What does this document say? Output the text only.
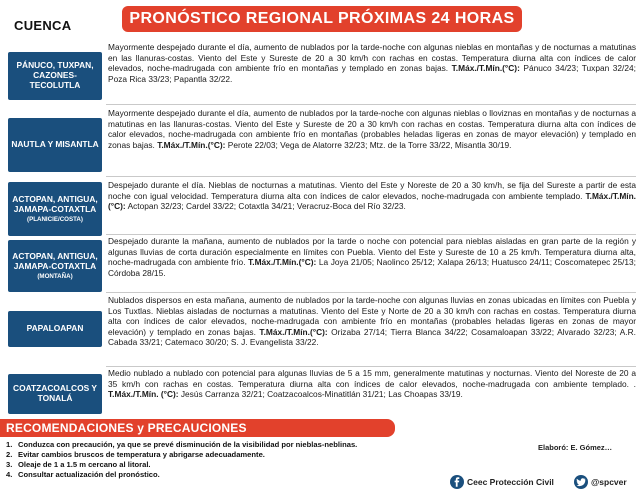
CUENCA	PRONÓSTICO REGIONAL PRÓXIMAS 24 HORAS
PÁNUCO, TUXPAN, CAZONES-TECOLUTLA
Mayormente despejado durante el día, aumento de nublados por la tarde-noche con algunas nieblas en montañas y de nocturnas a matutinas en las llanuras-costas. Viento del Este y Sureste de 20 a 30 km/h con rachas en costas. Temperatura diurna alta con índices de calor elevados, noche-madrugada con ambiente frío en montañas y templado en zonas bajas. T.Máx./T.Mín.(°C): Pánuco 34/23; Tuxpan 32/24; Poza Rica 33/23; Papantla 32/22.
NAUTLA Y MISANTLA
Mayormente despejado durante el día, aumento de nublados por la tarde-noche con algunas nieblas o lloviznas en montañas y de nocturnas a matutinas en las llanuras-costas. Viento del Este y Sureste de 20 a 30 km/h con rachas en costas. Temperatura diurna alta con índices de calor elevados, noche-madrugada con ambiente frío en montañas (probables heladas ligeras en zonas de mayor elevación) y templado en zonas bajas. T.Máx./T.Mín.(°C): Perote 22/03; Vega de Alatorre 32/23; Mtz. de la Torre 33/22, Misantla 30/19.
ACTOPAN, ANTIGUA, JAMAPA-COTAXTLA
(PLANICIE/COSTA)
Despejado durante el día. Nieblas de nocturnas a matutinas. Viento del Este y Noreste de 20 a 30 km/h, se fija del Sureste a partir de esta noche con igual velocidad. Temperatura diurna alta con índices de calor elevados, noche-madrugada con ambiente templado. T.Máx./T.Mín.(°C): Actopan 32/23; Cardel 33/22; Cotaxtla 34/21; Veracruz-Boca del Río 32/23.
ACTOPAN, ANTIGUA, JAMAPA-COTAXTLA
(MONTAÑA)
Despejado durante la mañana, aumento de nublados por la tarde o noche con potencial para nieblas aisladas en gran parte de la región y algunas lluvias de corta duración especialmente en límites con Puebla. Viento del Este y Sureste de 10 a 25 km/h. Temperatura diurna alta, noche-madrugada con ambiente frío. T.Máx./T.Mín.(°C): La Joya 21/05; Naolinco 25/12; Xalapa 26/13; Huatusco 24/11; Coscomatepec 25/13; Córdoba 28/15.
PAPALOAPAN
Nublados dispersos en esta mañana, aumento de nublados por la tarde-noche con algunas lluvias en zonas ubicadas en límites con Puebla y Los Tuxtlas. Nieblas aisladas de nocturnas a matutinas. Viento del Este y Norte de 20 a 30 km/h con rachas en costas. Temperatura diurna alta con índices de calor elevados, noche-madrugada con ambiente frío en montañas (probables heladas ligeras en zonas de mayor elevación) y templado en zonas bajas. T.Máx./T.Mín.(°C): Orizaba 27/14; Tierra Blanca 34/22; Cosamaloapan 33/22; Alvarado 32/23; A.R. Cabada 33/21; Catemaco 30/20; S. J. Evangelista 33/22.
COATZACOALCOS Y TONALÁ
Medio nublado a nublado con potencial para algunas lluvias de 5 a 15 mm, generalmente matutinas y nocturnas. Viento del Noreste de 20 a 35 km/h con rachas en costas. Temperatura diurna alta con índices de calor elevados, noche-madrugada con ambiente templado. . T.Máx./T.Mín. (°C): Jesús Carranza 32/21; Coatzacoalcos-Minatitlán 31/21; Las Choapas 33/19.
RECOMENDACIONES y PRECAUCIONES
1. Conduzca con precaución, ya que se prevé disminución de la visibilidad por nieblas-neblinas.
2. Evitar cambios bruscos de temperatura y abrigarse adecuadamente.
3. Oleaje de 1 a 1.5 m cercano al litoral.
4. Consultar actualización del pronóstico.
Elaboró: E. Gómez…
Ceec Protección Civil	@spcver
